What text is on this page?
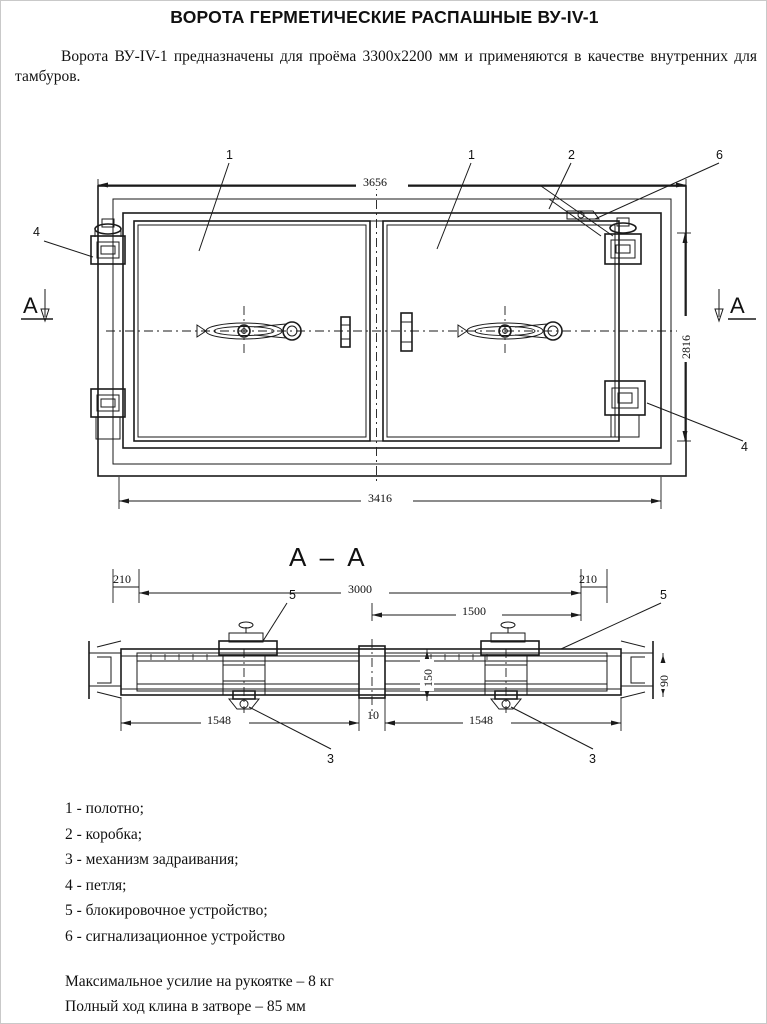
ВОРОТА ГЕРМЕТИЧЕСКИЕ РАСПАШНЫЕ ВУ-IV-1
Ворота ВУ-IV-1 предназначены для проёма 3300х2200 мм и применяются в качестве внутренних для тамбуров.
1	1	2	6
4
4
А	А
3656
2816
3416
А – А
5	5
3	3
3000
210	210
1500
150	90
1548	1548
10
1 - полотно;
2 - коробка;
3 - механизм задраивания;
4 - петля;
5 - блокировочное устройство;
6 - сигнализационное устройство
Максимальное усилие на рукоятке – 8 кг
Полный ход клина в затворе – 85 мм
